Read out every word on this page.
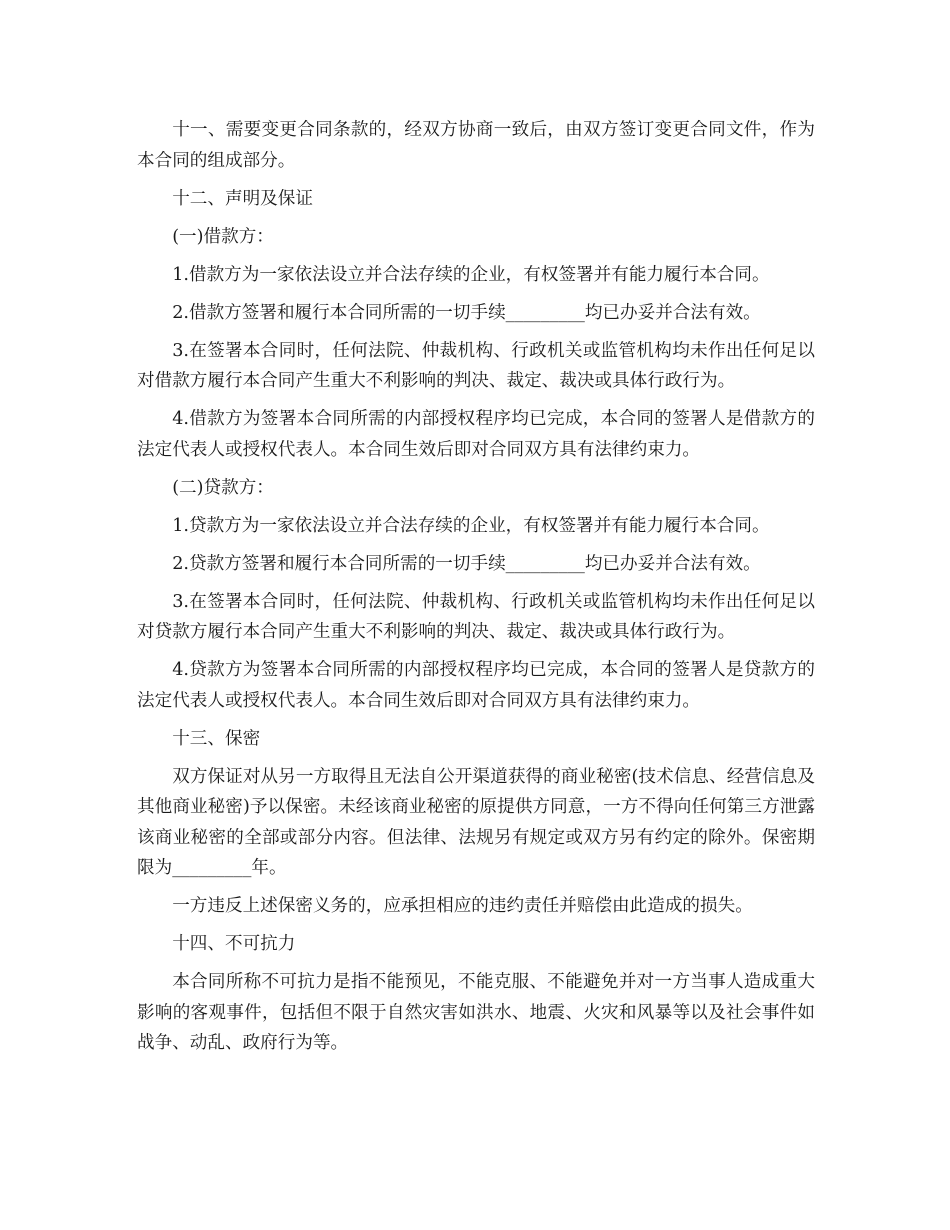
十一、需要变更合同条款的，经双方协商一致后，由双方签订变更合同文件，作为本合同的组成部分。

十二、声明及保证

(一)借款方：

1.借款方为一家依法设立并合法存续的企业，有权签署并有能力履行本合同。

2.借款方签署和履行本合同所需的一切手续_________均已办妥并合法有效。

3.在签署本合同时，任何法院、仲裁机构、行政机关或监管机构均未作出任何足以对借款方履行本合同产生重大不利影响的判决、裁定、裁决或具体行政行为。

4.借款方为签署本合同所需的内部授权程序均已完成，本合同的签署人是借款方的法定代表人或授权代表人。本合同生效后即对合同双方具有法律约束力。

(二)贷款方：

1.贷款方为一家依法设立并合法存续的企业，有权签署并有能力履行本合同。

2.贷款方签署和履行本合同所需的一切手续_________均已办妥并合法有效。

3.在签署本合同时，任何法院、仲裁机构、行政机关或监管机构均未作出任何足以对贷款方履行本合同产生重大不利影响的判决、裁定、裁决或具体行政行为。

4.贷款方为签署本合同所需的内部授权程序均已完成，本合同的签署人是贷款方的法定代表人或授权代表人。本合同生效后即对合同双方具有法律约束力。

十三、保密

双方保证对从另一方取得且无法自公开渠道获得的商业秘密(技术信息、经营信息及其他商业秘密)予以保密。未经该商业秘密的原提供方同意，一方不得向任何第三方泄露该商业秘密的全部或部分内容。但法律、法规另有规定或双方另有约定的除外。保密期限为_________年。

一方违反上述保密义务的，应承担相应的违约责任并赔偿由此造成的损失。

十四、不可抗力

本合同所称不可抗力是指不能预见，不能克服、不能避免并对一方当事人造成重大影响的客观事件，包括但不限于自然灾害如洪水、地震、火灾和风暴等以及社会事件如战争、动乱、政府行为等。
